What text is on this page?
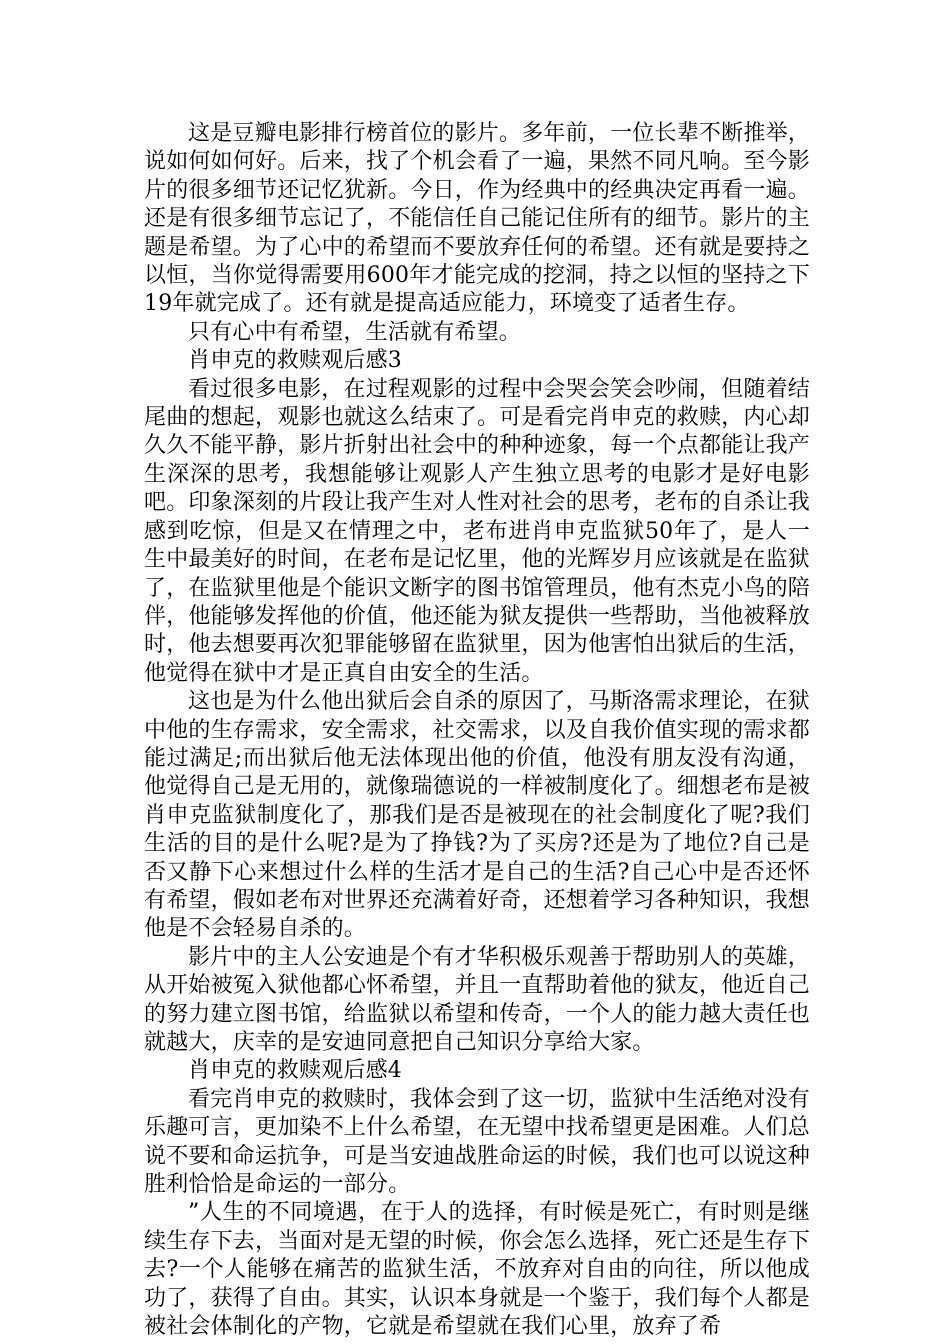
这是豆瓣电影排行榜首位的影片。多年前，一位长辈不断推举，说如何如何好。后来，找了个机会看了一遍，果然不同凡响。至今影片的很多细节还记忆犹新。今日，作为经典中的经典决定再看一遍。还是有很多细节忘记了，不能信任自己能记住所有的细节。影片的主题是希望。为了心中的希望而不要放弃任何的希望。还有就是要持之以恒，当你觉得需要用600年才能完成的挖洞，持之以恒的坚持之下19年就完成了。还有就是提高适应能力，环境变了适者生存。

只有心中有希望，生活就有希望。

肖申克的救赎观后感3

看过很多电影，在过程观影的过程中会哭会笑会吵闹，但随着结尾曲的想起，观影也就这么结束了。可是看完肖申克的救赎，内心却久久不能平静，影片折射出社会中的种种迹象，每一个点都能让我产生深深的思考，我想能够让观影人产生独立思考的电影才是好电影吧。印象深刻的片段让我产生对人性对社会的思考，老布的自杀让我感到吃惊，但是又在情理之中，老布进肖申克监狱50年了，是人一生中最美好的时间，在老布是记忆里，他的光辉岁月应该就是在监狱了，在监狱里他是个能识文断字的图书馆管理员，他有杰克小鸟的陪伴，他能够发挥他的价值，他还能为狱友提供一些帮助，当他被释放时，他去想要再次犯罪能够留在监狱里，因为他害怕出狱后的生活，他觉得在狱中才是正真自由安全的生活。

这也是为什么他出狱后会自杀的原因了，马斯洛需求理论，在狱中他的生存需求，安全需求，社交需求，以及自我价值实现的需求都能过满足;而出狱后他无法体现出他的价值，他没有朋友没有沟通，他觉得自己是无用的，就像瑞德说的一样被制度化了。细想老布是被肖申克监狱制度化了，那我们是否是被现在的社会制度化了呢?我们生活的目的是什么呢?是为了挣钱?为了买房?还是为了地位?自己是否又静下心来想过什么样的生活才是自己的生活?自己心中是否还怀有希望，假如老布对世界还充满着好奇，还想着学习各种知识，我想他是不会轻易自杀的。

影片中的主人公安迪是个有才华积极乐观善于帮助别人的英雄，从开始被冤入狱他都心怀希望，并且一直帮助着他的狱友，他近自己的努力建立图书馆，给监狱以希望和传奇，一个人的能力越大责任也就越大，庆幸的是安迪同意把自己知识分享给大家。

肖申克的救赎观后感4

看完肖申克的救赎时，我体会到了这一切，监狱中生活绝对没有乐趣可言，更加染不上什么希望，在无望中找希望更是困难。人们总说不要和命运抗争，可是当安迪战胜命运的时候，我们也可以说这种胜利恰恰是命运的一部分。

”人生的不同境遇，在于人的选择，有时候是死亡，有时则是继续生存下去，当面对是无望的时候，你会怎么选择，死亡还是生存下去?一个人能够在痛苦的监狱生活，不放弃对自由的向往，所以他成功了，获得了自由。其实，认识本身就是一个鉴于，我们每个人都是被社会体制化的产物，它就是希望就在我们心里，放弃了希
